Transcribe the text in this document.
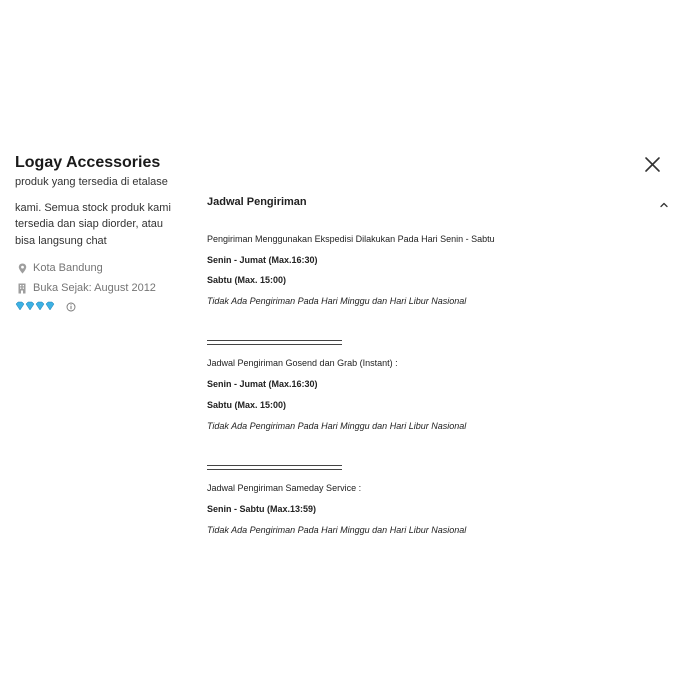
Logay Accessories
produk yang tersedia di etalase
kami. Semua stock produk kami
tersedia dan siap diorder, atau
bisa langsung chat
Kota Bandung
Buka Sejak: August 2012
Jadwal Pengiriman
Pengiriman Menggunakan Ekspedisi Dilakukan Pada Hari Senin - Sabtu
Senin - Jumat (Max.16:30)
Sabtu (Max. 15:00)
Tidak Ada Pengiriman Pada Hari Minggu dan Hari Libur Nasional
Jadwal Pengiriman Gosend dan Grab (Instant) :
Senin - Jumat (Max.16:30)
Sabtu (Max. 15:00)
Tidak Ada Pengiriman Pada Hari Minggu dan Hari Libur Nasional
Jadwal Pengiriman Sameday Service :
Senin - Sabtu (Max.13:59)
Tidak Ada Pengiriman Pada Hari Minggu dan Hari Libur Nasional
